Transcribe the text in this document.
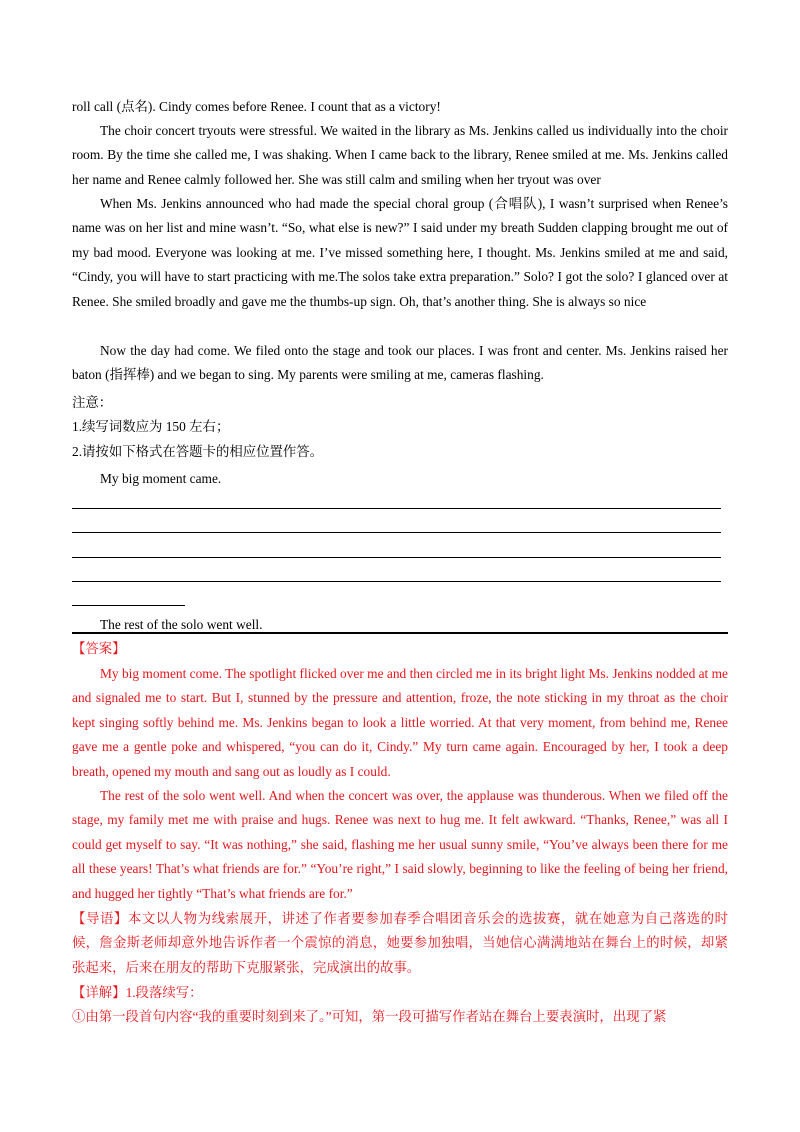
roll call (点名). Cindy comes before Renee. I count that as a victory!

The choir concert tryouts were stressful. We waited in the library as Ms. Jenkins called us individually into the choir room. By the time she called me, I was shaking. When I came back to the library, Renee smiled at me. Ms. Jenkins called her name and Renee calmly followed her. She was still calm and smiling when her tryout was over

When Ms. Jenkins announced who had made the special choral group (合唱队), I wasn’t surprised when Renee’s name was on her list and mine wasn’t. “So, what else is new?” I said under my breath Sudden clapping brought me out of my bad mood. Everyone was looking at me. I’ve missed something here, I thought. Ms. Jenkins smiled at me and said, “Cindy, you will have to start practicing with me.The solos take extra preparation.” Solo? I got the solo? I glanced over at Renee. She smiled broadly and gave me the thumbs-up sign. Oh, that’s another thing. She is always so nice

Now the day had come. We filed onto the stage and took our places. I was front and center. Ms. Jenkins raised her baton (指挥棒) and we began to sing. My parents were smiling at me, cameras flashing.

注意：

1.续写词数应为 150 左右；

2.请按如下格式在答题卡的相应位置作答。

My big moment came.

The rest of the solo went well.

【答案】

My big moment come. The spotlight flicked over me and then circled me in its bright light Ms. Jenkins nodded at me and signaled me to start. But I, stunned by the pressure and attention, froze, the note sticking in my throat as the choir kept singing softly behind me. Ms. Jenkins began to look a little worried. At that very moment, from behind me, Renee gave me a gentle poke and whispered, “you can do it, Cindy.” My turn came again. Encouraged by her, I took a deep breath, opened my mouth and sang out as loudly as I could.

The rest of the solo went well. And when the concert was over, the applause was thunderous. When we filed off the stage, my family met me with praise and hugs. Renee was next to hug me. It felt awkward. “Thanks, Renee,” was all I could get myself to say. “It was nothing,” she said, flashing me her usual sunny smile, “You’ve always been there for me all these years! That’s what friends are for.” “You’re right,” I said slowly, beginning to like the feeling of being her friend, and hugged her tightly “That’s what friends are for.”

【导语】本文以人物为线索展开，讲述了作者要参加春季合唱团音乐会的选拔赛，就在她意为自己落选的时候，詹金斯老师却意外地告诉作者一个震惊的消息，她要参加独唱，当她信心满满地站在舞台上的时候，却紧张起来，后来在朋友的帮助下克服紧张，完成演出的故事。

【详解】1.段落续写：

①由第一段首句内容“我的重要时刻到来了。”可知，第一段可描写作者站在舞台上要表演时，出现了紧
